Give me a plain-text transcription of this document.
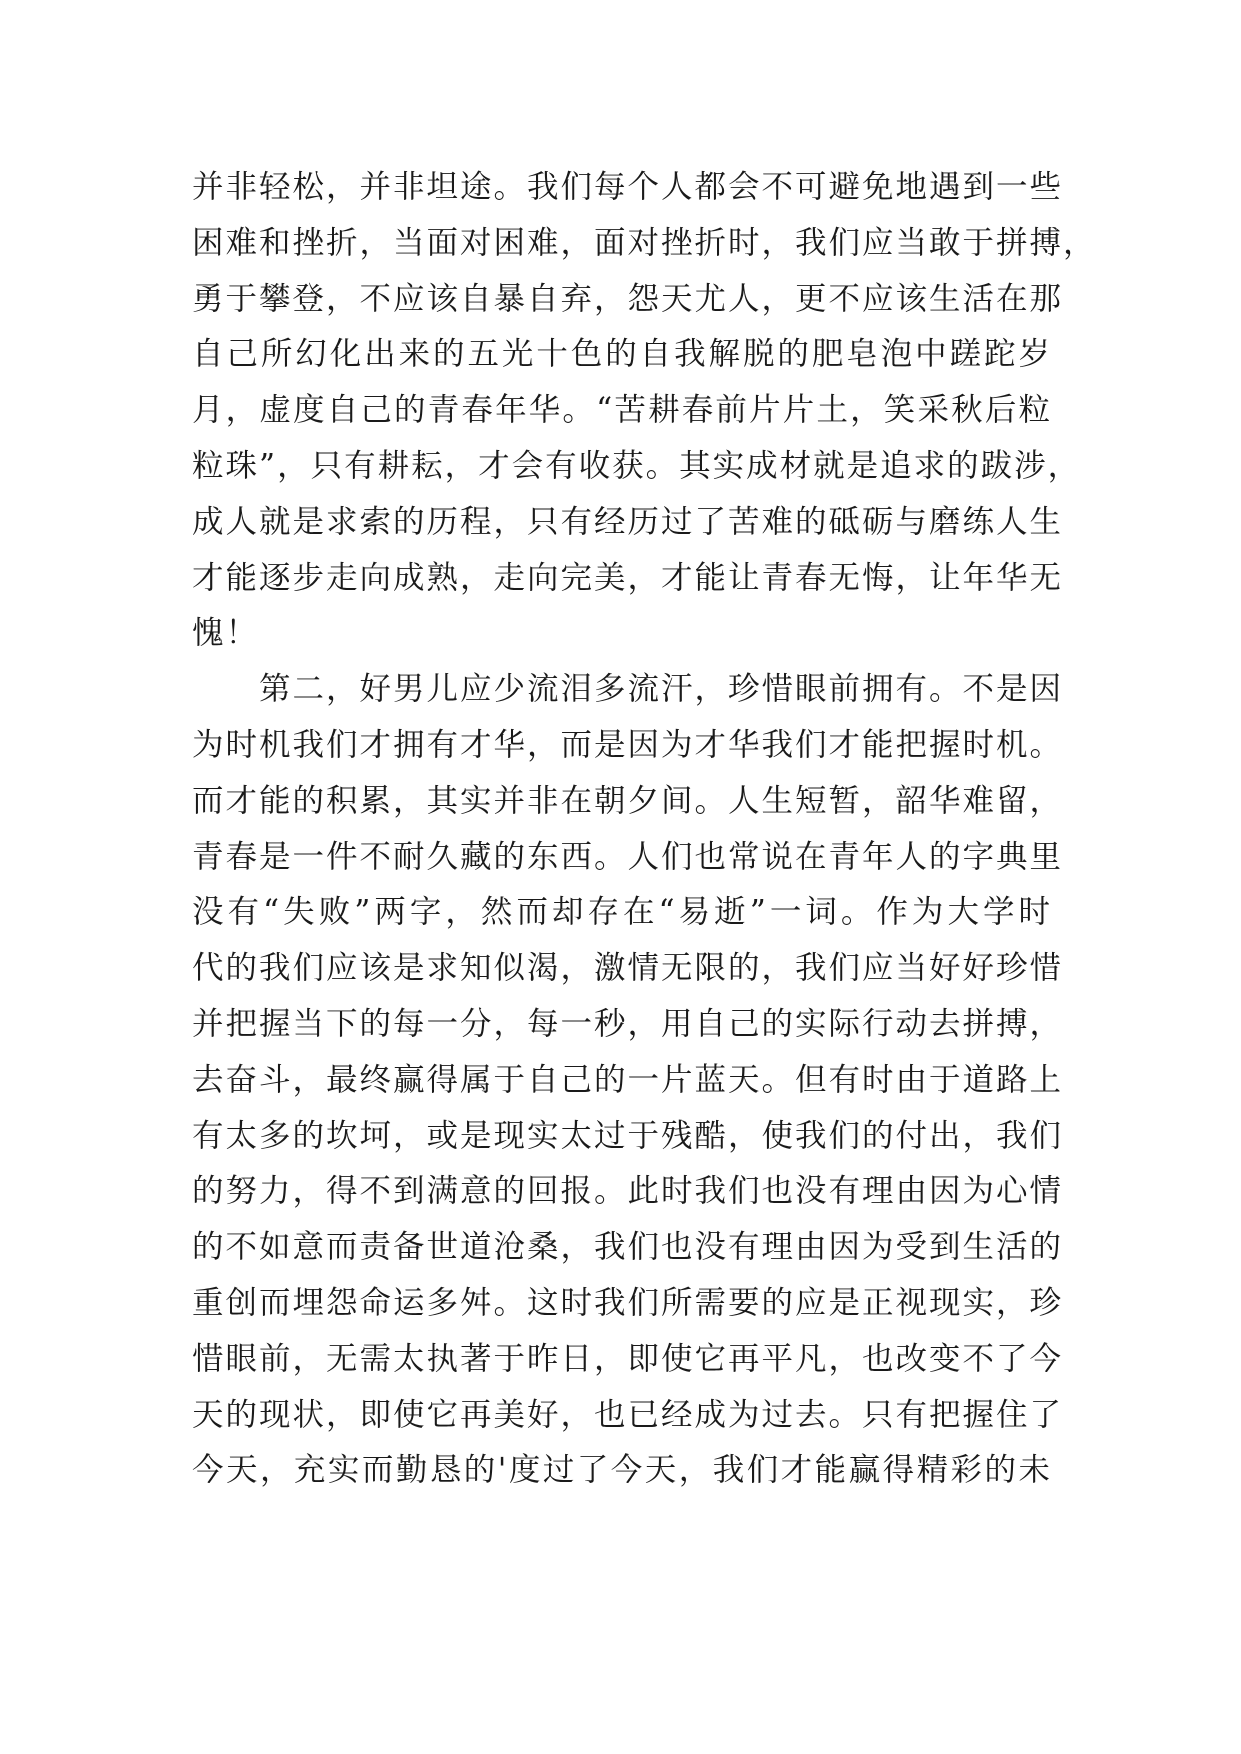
并非轻松，并非坦途。我们每个人都会不可避免地遇到一些
困难和挫折，当面对困难，面对挫折时，我们应当敢于拼搏，
勇于攀登，不应该自暴自弃，怨天尤人，更不应该生活在那
自己所幻化出来的五光十色的自我解脱的肥皂泡中蹉跎岁
月，虚度自己的青春年华。“苦耕春前片片土，笑采秋后粒
粒珠”，只有耕耘，才会有收获。其实成材就是追求的跋涉，
成人就是求索的历程，只有经历过了苦难的砥砺与磨练人生
才能逐步走向成熟，走向完美，才能让青春无悔，让年华无
愧！
　　第二，好男儿应少流泪多流汗，珍惜眼前拥有。不是因
为时机我们才拥有才华，而是因为才华我们才能把握时机。
而才能的积累，其实并非在朝夕间。人生短暂，韶华难留，
青春是一件不耐久藏的东西。人们也常说在青年人的字典里
没有“失败”两字，然而却存在“易逝”一词。作为大学时
代的我们应该是求知似渴，激情无限的，我们应当好好珍惜
并把握当下的每一分，每一秒，用自己的实际行动去拼搏，
去奋斗，最终赢得属于自己的一片蓝天。但有时由于道路上
有太多的坎坷，或是现实太过于残酷，使我们的付出，我们
的努力，得不到满意的回报。此时我们也没有理由因为心情
的不如意而责备世道沧桑，我们也没有理由因为受到生活的
重创而埋怨命运多舛。这时我们所需要的应是正视现实，珍
惜眼前，无需太执著于昨日，即使它再平凡，也改变不了今
天的现状，即使它再美好，也已经成为过去。只有把握住了
今天，充实而勤恳的'度过了今天，我们才能赢得精彩的未
